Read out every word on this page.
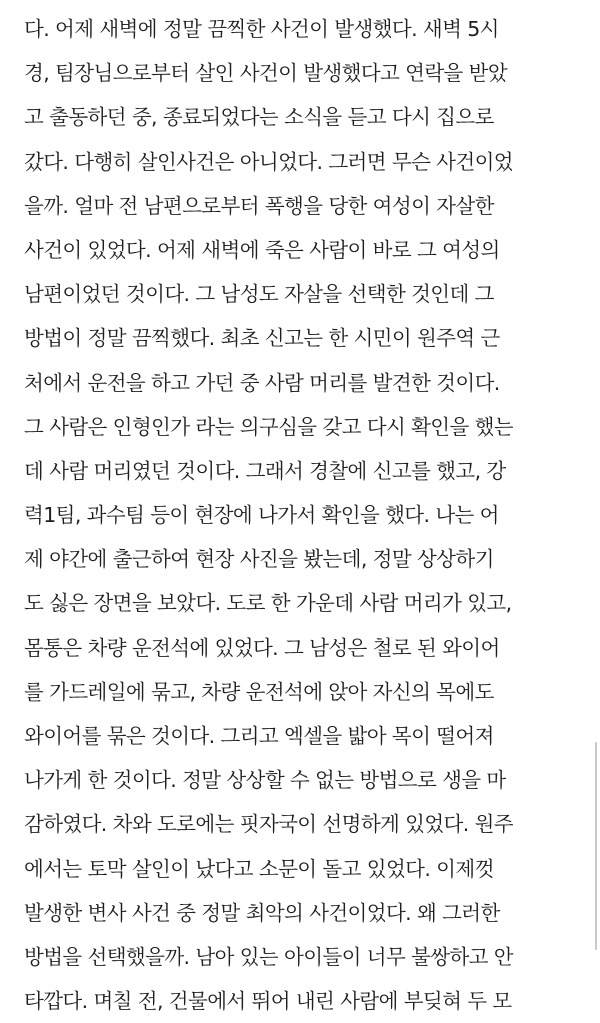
다. 어제 새벽에 정말 끔찍한 사건이 발생했다. 새벽 5시
경, 팀장님으로부터 살인 사건이 발생했다고 연락을 받았
고 출동하던 중, 종료되었다는 소식을 듣고 다시 집으로
갔다. 다행히 살인사건은 아니었다. 그러면 무슨 사건이었
을까. 얼마 전 남편으로부터 폭행을 당한 여성이 자살한
사건이 있었다. 어제 새벽에 죽은 사람이 바로 그 여성의
남편이었던 것이다. 그 남성도 자살을 선택한 것인데 그
방법이 정말 끔찍했다. 최초 신고는 한 시민이 원주역 근
처에서 운전을 하고 가던 중 사람 머리를 발견한 것이다.
그 사람은 인형인가 라는 의구심을 갖고 다시 확인을 했는
데 사람 머리였던 것이다. 그래서 경찰에 신고를 했고, 강
력1팀, 과수팀 등이 현장에 나가서 확인을 했다. 나는 어
제 야간에 출근하여 현장 사진을 봤는데, 정말 상상하기
도 싫은 장면을 보았다. 도로 한 가운데 사람 머리가 있고,
몸통은 차량 운전석에 있었다. 그 남성은 철로 된 와이어
를 가드레일에 묶고, 차량 운전석에 앉아 자신의 목에도
와이어를 묶은 것이다. 그리고 엑셀을 밟아 목이 떨어져
나가게 한 것이다. 정말 상상할 수 없는 방법으로 생을 마
감하였다. 차와 도로에는 핏자국이 선명하게 있었다. 원주
에서는 토막 살인이 났다고 소문이 돌고 있었다. 이제껏
발생한 변사 사건 중 정말 최악의 사건이었다. 왜 그러한
방법을 선택했을까. 남아 있는 아이들이 너무 불쌍하고 안
타깝다. 며칠 전, 건물에서 뛰어 내린 사람에 부딪혀 두 모
